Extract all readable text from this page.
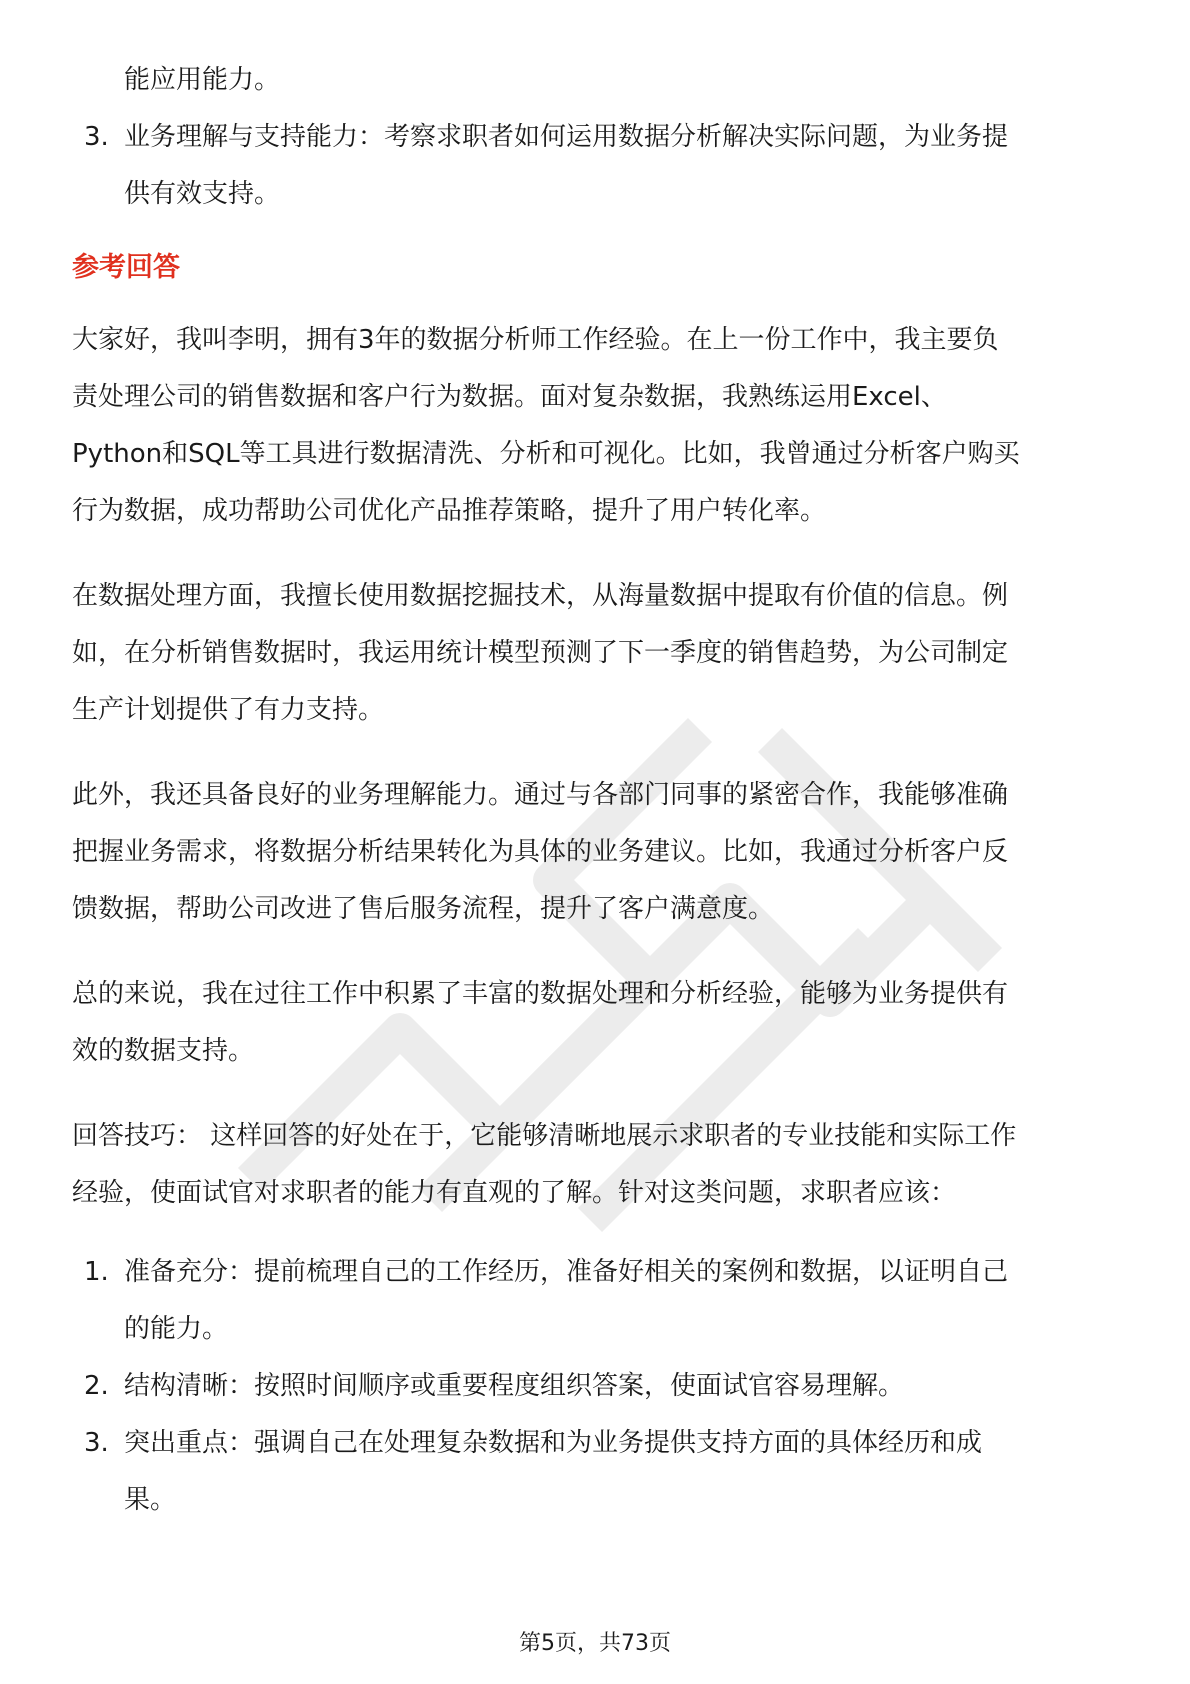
能应用能力。
3. 业务理解与支持能力：考察求职者如何运用数据分析解决实际问题，为业务提
供有效支持。
参考回答
大家好，我叫李明，拥有3年的数据分析师工作经验。在上一份工作中，我主要负
责处理公司的销售数据和客户行为数据。面对复杂数据，我熟练运用Excel、
Python和SQL等工具进行数据清洗、分析和可视化。比如，我曾通过分析客户购买
行为数据，成功帮助公司优化产品推荐策略，提升了用户转化率。
在数据处理方面，我擅长使用数据挖掘技术，从海量数据中提取有价值的信息。例
如，在分析销售数据时，我运用统计模型预测了下一季度的销售趋势，为公司制定
生产计划提供了有力支持。
此外，我还具备良好的业务理解能力。通过与各部门同事的紧密合作，我能够准确
把握业务需求，将数据分析结果转化为具体的业务建议。比如，我通过分析客户反
馈数据，帮助公司改进了售后服务流程，提升了客户满意度。
总的来说，我在过往工作中积累了丰富的数据处理和分析经验，能够为业务提供有
效的数据支持。
回答技巧： 这样回答的好处在于，它能够清晰地展示求职者的专业技能和实际工作
经验，使面试官对求职者的能力有直观的了解。针对这类问题，求职者应该：
1. 准备充分：提前梳理自己的工作经历，准备好相关的案例和数据，以证明自己
的能力。
2. 结构清晰：按照时间顺序或重要程度组织答案，使面试官容易理解。
3. 突出重点：强调自己在处理复杂数据和为业务提供支持方面的具体经历和成
果。
第5页，共73页
